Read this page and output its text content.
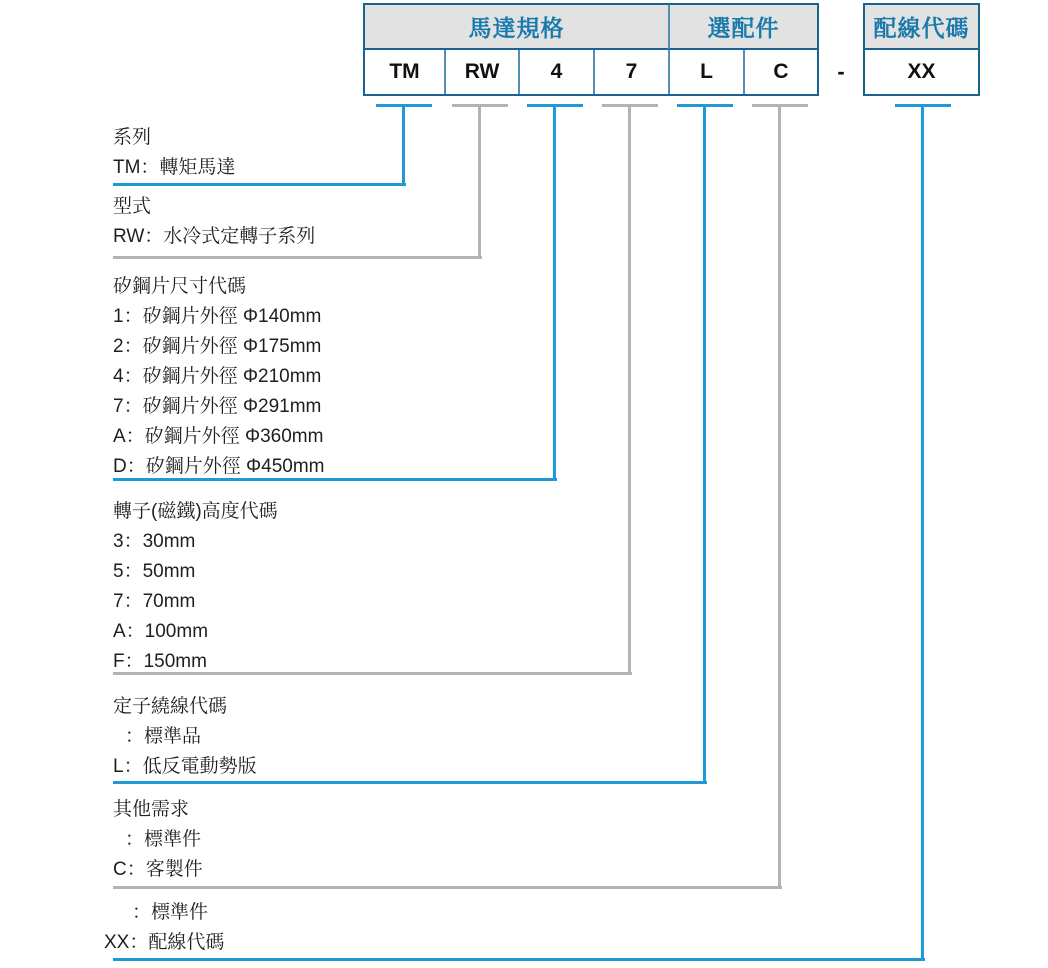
馬達規格	選配件
TM	RW	4	7	L	C	-
配線代碼
XX
系列
TM：轉矩馬達
型式
RW：水冷式定轉子系列
矽鋼片尺寸代碼
1：矽鋼片外徑 Φ140mm
2：矽鋼片外徑 Φ175mm
4：矽鋼片外徑 Φ210mm
7：矽鋼片外徑 Φ291mm
A：矽鋼片外徑 Φ360mm
D：矽鋼片外徑 Φ450mm
轉子(磁鐵)高度代碼
3：30mm
5：50mm
7：70mm
A：100mm
F：150mm
定子繞線代碼
：標準品
L：低反電動勢版
其他需求
：標準件
C：客製件
：標準件
XX：配線代碼
